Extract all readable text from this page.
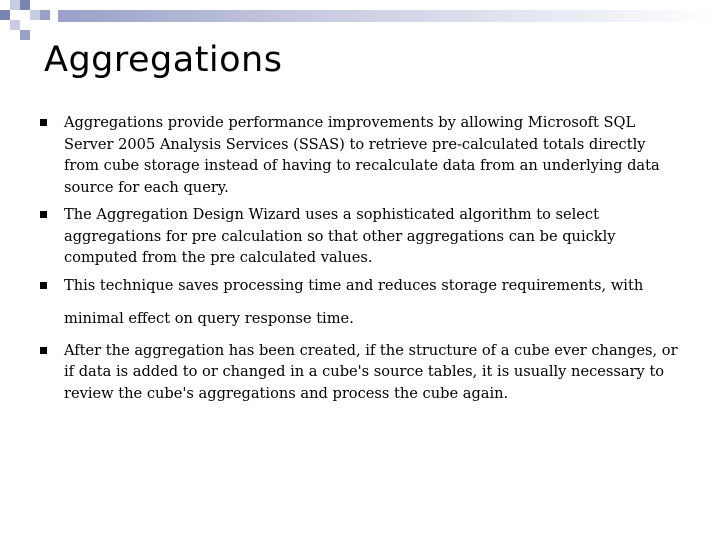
Aggregations
Aggregations provide performance improvements by allowing Microsoft SQL Server 2005 Analysis Services (SSAS) to retrieve pre-calculated totals directly from cube storage instead of having to recalculate data from an underlying data source for each query.
The Aggregation Design Wizard uses a sophisticated algorithm to select aggregations for pre calculation so that other aggregations can be quickly computed from the pre calculated values.
This technique saves processing time and reduces storage requirements, with
minimal effect on query response time.
After the aggregation has been created, if the structure of a cube ever changes, or if data is added to or changed in a cube's source tables, it is usually necessary to review the cube's aggregations and process the cube again.
